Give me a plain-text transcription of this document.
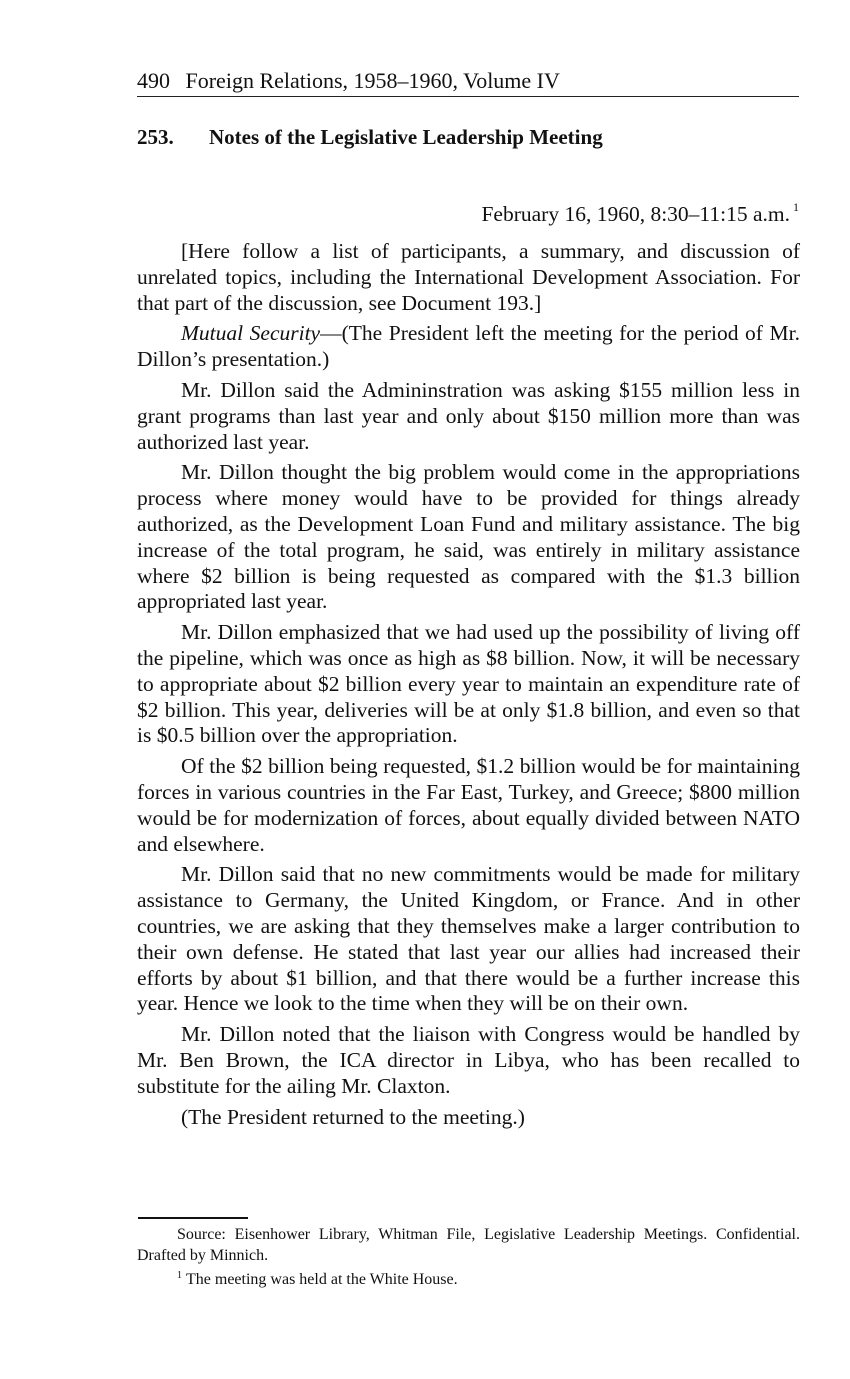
490 Foreign Relations, 1958–1960, Volume IV
253. Notes of the Legislative Leadership Meeting
February 16, 1960, 8:30–11:15 a.m. $^1$

[Here follow a list of participants, a summary, and discussion of unrelated topics, including the International Development Association. For that part of the discussion, see Document 193.]

Mutual Security—(The President left the meeting for the period of Mr. Dillon’s presentation.)

Mr. Dillon said the Admininstration was asking $155 million less in grant programs than last year and only about $150 million more than was authorized last year.

Mr. Dillon thought the big problem would come in the appropriations process where money would have to be provided for things already authorized, as the Development Loan Fund and military assistance. The big increase of the total program, he said, was entirely in military assistance where $2 billion is being requested as compared with the $1.3 billion appropriated last year.

Mr. Dillon emphasized that we had used up the possibility of living off the pipeline, which was once as high as $8 billion. Now, it will be necessary to appropriate about $2 billion every year to maintain an expenditure rate of $2 billion. This year, deliveries will be at only $1.8 billion, and even so that is $0.5 billion over the appropriation.

Of the $2 billion being requested, $1.2 billion would be for maintaining forces in various countries in the Far East, Turkey, and Greece; $800 million would be for modernization of forces, about equally divided between NATO and elsewhere.

Mr. Dillon said that no new commitments would be made for military assistance to Germany, the United Kingdom, or France. And in other countries, we are asking that they themselves make a larger contribution to their own defense. He stated that last year our allies had increased their efforts by about $1 billion, and that there would be a further increase this year. Hence we look to the time when they will be on their own.

Mr. Dillon noted that the liaison with Congress would be handled by Mr. Ben Brown, the ICA director in Libya, who has been recalled to substitute for the ailing Mr. Claxton.

(The President returned to the meeting.)

Source: Eisenhower Library, Whitman File, Legislative Leadership Meetings. Confidential. Drafted by Minnich.

$^1$ The meeting was held at the White House.
